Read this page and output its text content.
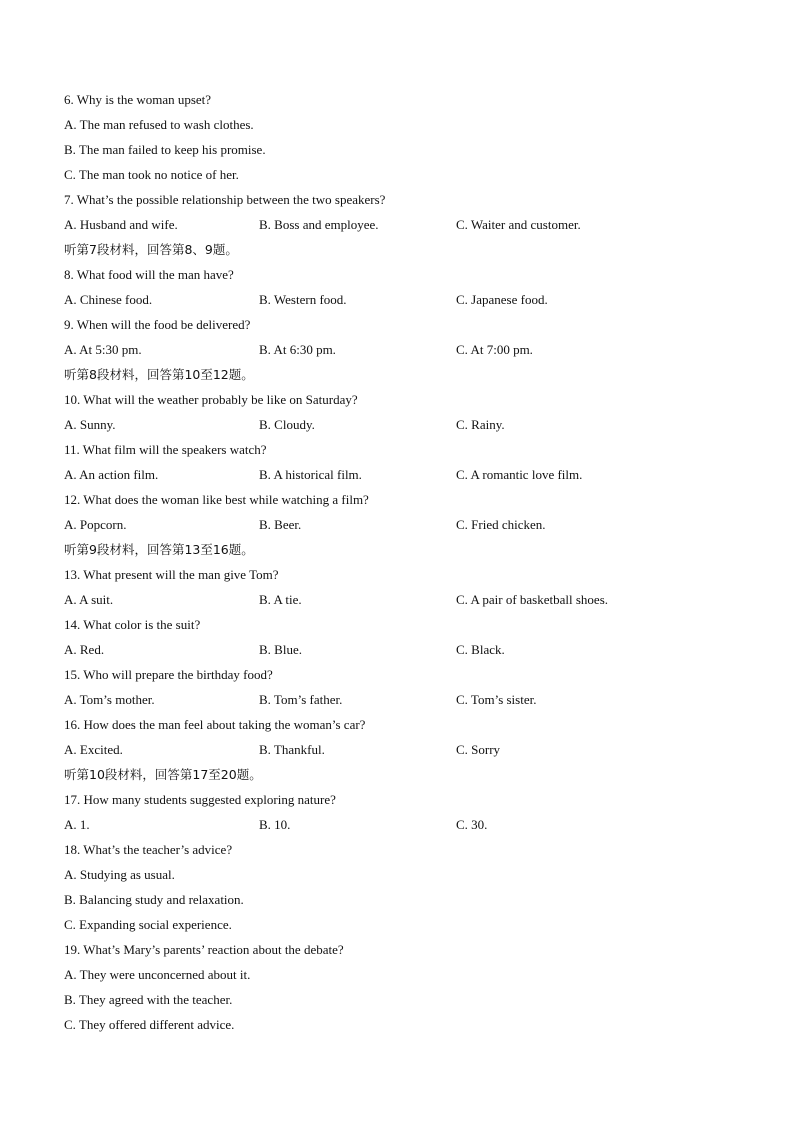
6. Why is the woman upset?
A. The man refused to wash clothes.
B. The man failed to keep his promise.
C. The man took no notice of her.
7. What’s the possible relationship between the two speakers?
A. Husband and wife.	B. Boss and employee.	C. Waiter and customer.
听第7段材料，回答第8、9题。
8. What food will the man have?
A. Chinese food.	B. Western food.	C. Japanese food.
9. When will the food be delivered?
A. At 5:30 pm.	B. At 6:30 pm.	C. At 7:00 pm.
听第8段材料，回答第10至12题。
10. What will the weather probably be like on Saturday?
A. Sunny.	B. Cloudy.	C. Rainy.
11. What film will the speakers watch?
A. An action film.	B. A historical film.	C. A romantic love film.
12. What does the woman like best while watching a film?
A. Popcorn.	B. Beer.	C. Fried chicken.
听第9段材料，回答第13至16题。
13. What present will the man give Tom?
A. A suit.	B. A tie.	C. A pair of basketball shoes.
14. What color is the suit?
A. Red.	B. Blue.	C. Black.
15. Who will prepare the birthday food?
A. Tom’s mother.	B. Tom’s father.	C. Tom’s sister.
16. How does the man feel about taking the woman’s car?
A. Excited.	B. Thankful.	C. Sorry
听第10段材料，回答第17至20题。
17. How many students suggested exploring nature?
A. 1.	B. 10.	C. 30.
18. What’s the teacher’s advice?
A. Studying as usual.
B. Balancing study and relaxation.
C. Expanding social experience.
19. What’s Mary’s parents’ reaction about the debate?
A. They were unconcerned about it.
B. They agreed with the teacher.
C. They offered different advice.
